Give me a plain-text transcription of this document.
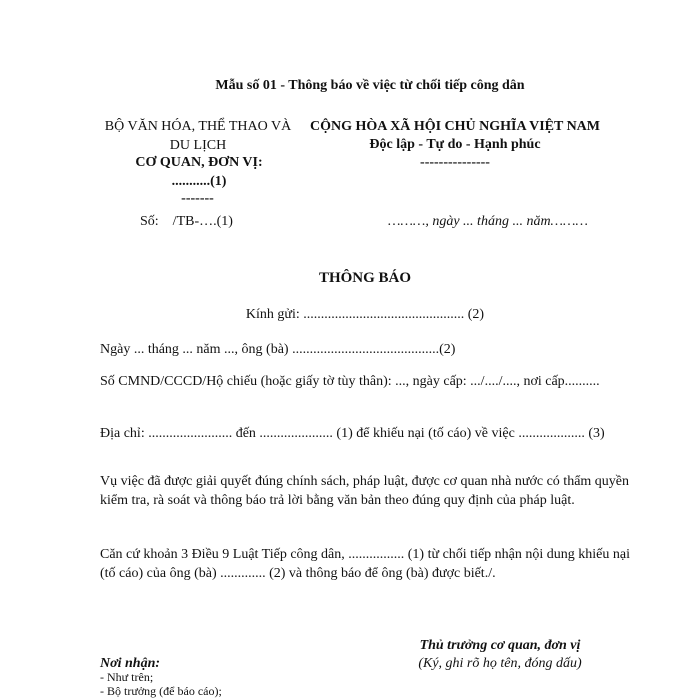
Mẫu số 01 - Thông báo về việc từ chối tiếp công dân
BỘ VĂN HÓA, THỂ THAO VÀ DU LỊCH
CƠ QUAN, ĐƠN VỊ: ...........(1)
-------
CỘNG HÒA XÃ HỘI CHỦ NGHĨA VIỆT NAM
Độc lập - Tự do - Hạnh phúc
---------------
Số:    /TB-….(1)	………, ngày ... tháng ... năm………
THÔNG BÁO
Kính gửi: .............................................. (2)
Ngày ... tháng ... năm ..., ông (bà) ..........................................(2)
Số CMND/CCCD/Hộ chiếu (hoặc giấy tờ tùy thân): ..., ngày cấp: .../..../...., nơi cấp..........
Địa chỉ: ........................ đến ..................... (1) để khiếu nại (tố cáo) về việc ................... (3)
Vụ việc đã được giải quyết đúng chính sách, pháp luật, được cơ quan nhà nước có thẩm quyền kiểm tra, rà soát và thông báo trả lời bằng văn bản theo đúng quy định của pháp luật.
Căn cứ khoản 3 Điều 9 Luật Tiếp công dân, ................ (1) từ chối tiếp nhận nội dung khiếu nại (tố cáo) của ông (bà) ............. (2) và thông báo để ông (bà) được biết./.
Thủ trưởng cơ quan, đơn vị
(Ký, ghi rõ họ tên, đóng dấu)
Nơi nhận:
- Như trên;
- Bộ trưởng (để báo cáo);
